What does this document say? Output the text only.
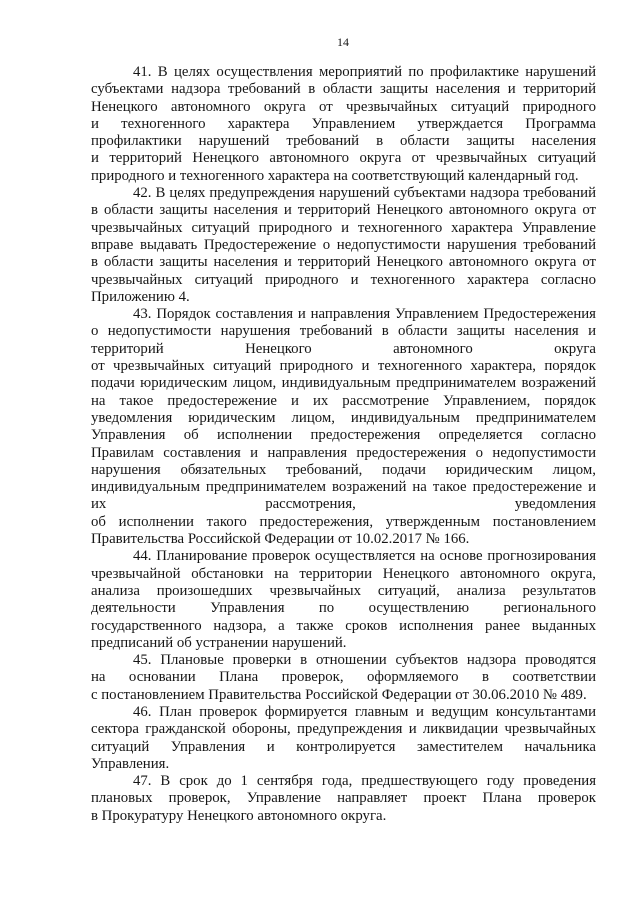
14
41. В целях осуществления мероприятий по профилактике нарушений
субъектами надзора требований в области защиты населения и территорий
Ненецкого автономного округа от чрезвычайных ситуаций природного
и техногенного характера Управлением утверждается Программа
профилактики нарушений требований в области защиты населения
и территорий Ненецкого автономного округа от чрезвычайных ситуаций
природного и техногенного характера на соответствующий календарный год.
42. В целях предупреждения нарушений субъектами надзора требований
в области защиты населения и территорий Ненецкого автономного округа от
чрезвычайных ситуаций природного и техногенного характера Управление
вправе выдавать Предостережение о недопустимости нарушения требований
в области защиты населения и территорий Ненецкого автономного округа от
чрезвычайных ситуаций природного и техногенного характера согласно
Приложению 4.
43. Порядок составления и направления Управлением Предостережения
о недопустимости нарушения требований в области защиты населения и
территорий Ненецкого автономного округа
от чрезвычайных ситуаций природного и техногенного характера, порядок
подачи юридическим лицом, индивидуальным предпринимателем возражений
на такое предостережение и их рассмотрение Управлением, порядок
уведомления юридическим лицом, индивидуальным предпринимателем
Управления об исполнении предостережения определяется согласно
Правилам составления и направления предостережения о недопустимости
нарушения обязательных требований, подачи юридическим лицом,
индивидуальным предпринимателем возражений на такое предостережение и
их рассмотрения, уведомления
об исполнении такого предостережения, утвержденным постановлением
Правительства Российской Федерации от 10.02.2017 № 166.
44. Планирование проверок осуществляется на основе прогнозирования
чрезвычайной обстановки на территории Ненецкого автономного округа,
анализа произошедших чрезвычайных ситуаций, анализа результатов
деятельности Управления по осуществлению регионального
государственного надзора, а также сроков исполнения ранее выданных
предписаний об устранении нарушений.
45. Плановые проверки в отношении субъектов надзора проводятся
на основании Плана проверок, оформляемого в соответствии
с постановлением Правительства Российской Федерации от 30.06.2010 № 489.
46. План проверок формируется главным и ведущим консультантами
сектора гражданской обороны, предупреждения и ликвидации чрезвычайных
ситуаций Управления и контролируется заместителем начальника
Управления.
47. В срок до 1 сентября года, предшествующего году проведения
плановых проверок, Управление направляет проект Плана проверок
в Прокуратуру Ненецкого автономного округа.
